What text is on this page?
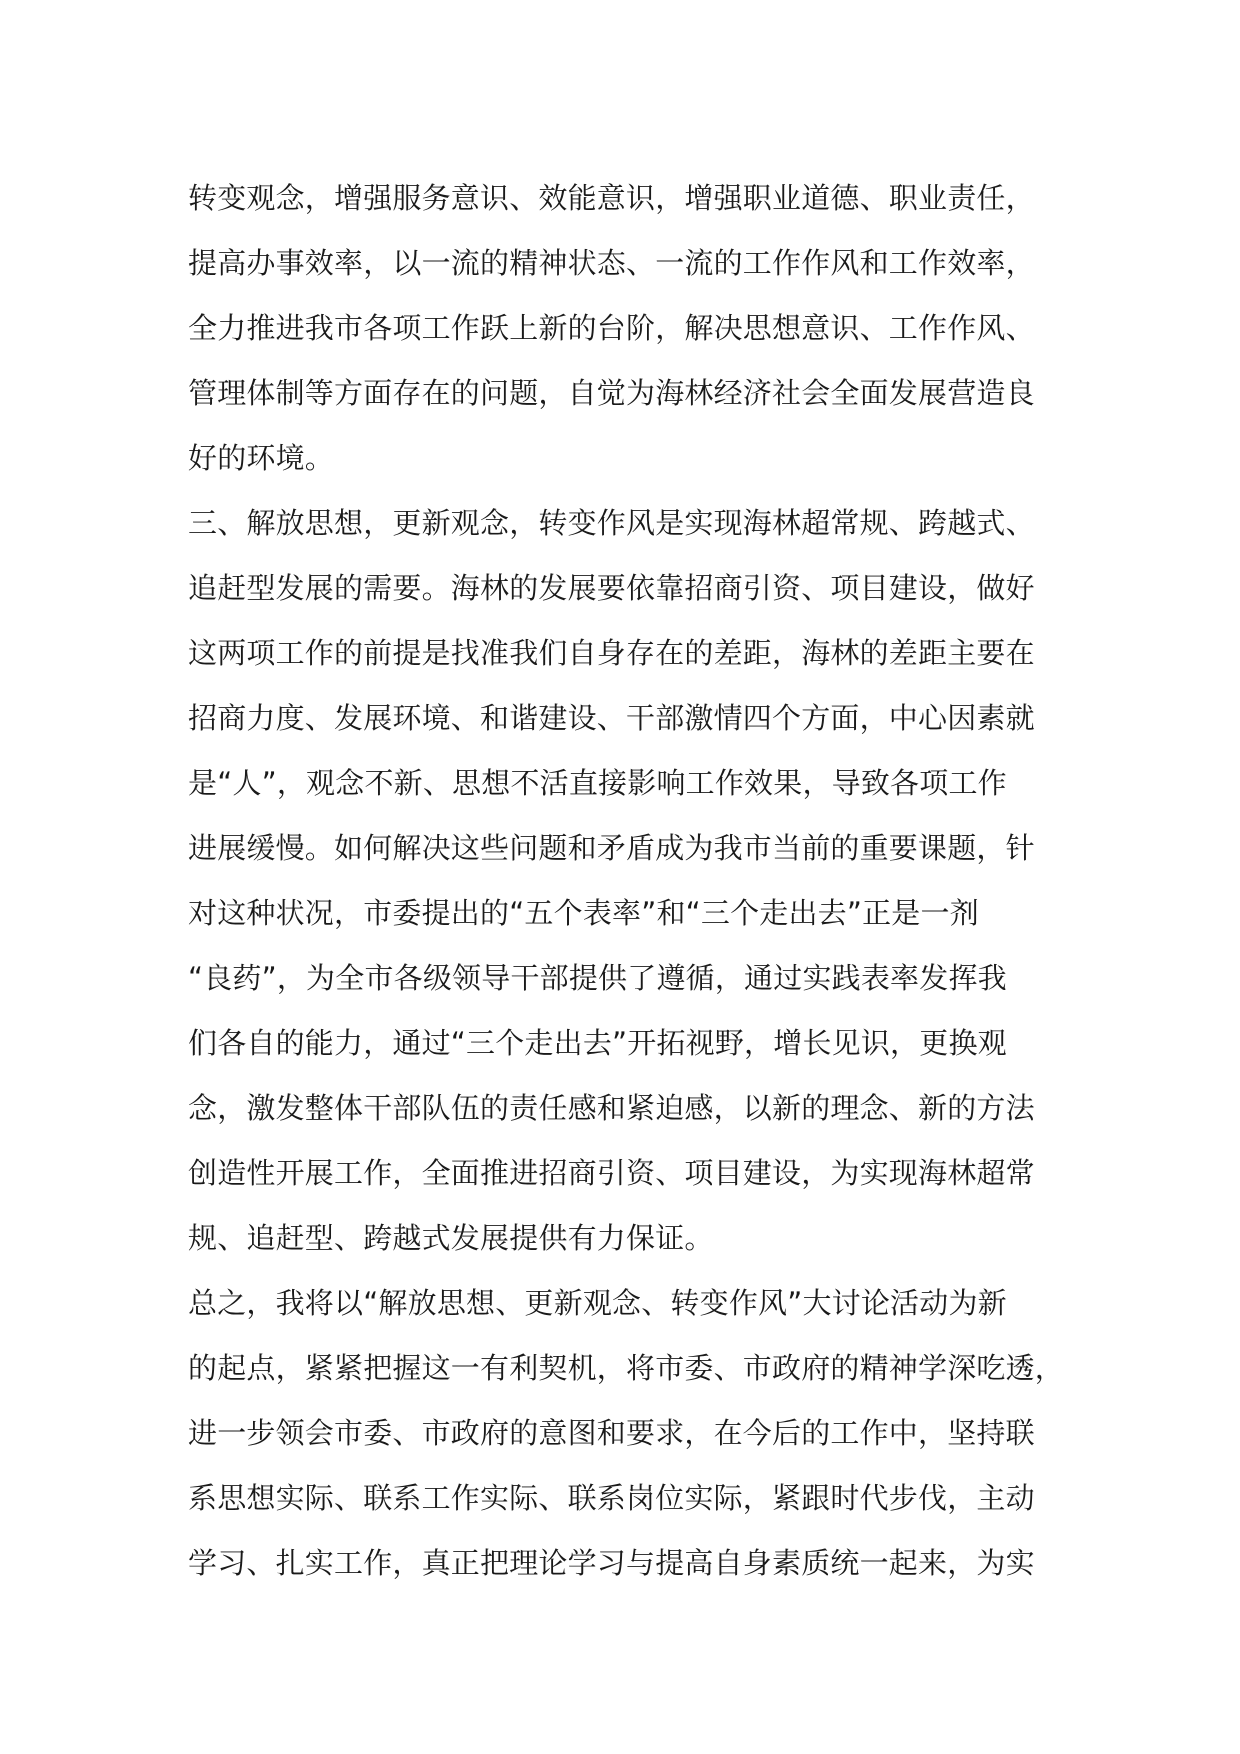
转变观念，增强服务意识、效能意识，增强职业道德、职业责任，
提高办事效率，以一流的精神状态、一流的工作作风和工作效率，
全力推进我市各项工作跃上新的台阶，解决思想意识、工作作风、
管理体制等方面存在的问题，自觉为海林经济社会全面发展营造良
好的环境。
三、解放思想，更新观念，转变作风是实现海林超常规、跨越式、
追赶型发展的需要。海林的发展要依靠招商引资、项目建设，做好
这两项工作的前提是找准我们自身存在的差距，海林的差距主要在
招商力度、发展环境、和谐建设、干部激情四个方面，中心因素就
是“人”，观念不新、思想不活直接影响工作效果，导致各项工作
进展缓慢。如何解决这些问题和矛盾成为我市当前的重要课题，针
对这种状况，市委提出的“五个表率”和“三个走出去”正是一剂
“良药”，为全市各级领导干部提供了遵循，通过实践表率发挥我
们各自的能力，通过“三个走出去”开拓视野，增长见识，更换观
念，激发整体干部队伍的责任感和紧迫感，以新的理念、新的方法
创造性开展工作，全面推进招商引资、项目建设，为实现海林超常
规、追赶型、跨越式发展提供有力保证。
总之，我将以“解放思想、更新观念、转变作风”大讨论活动为新
的起点，紧紧把握这一有利契机，将市委、市政府的精神学深吃透，
进一步领会市委、市政府的意图和要求，在今后的工作中，坚持联
系思想实际、联系工作实际、联系岗位实际，紧跟时代步伐，主动
学习、扎实工作，真正把理论学习与提高自身素质统一起来，为实
